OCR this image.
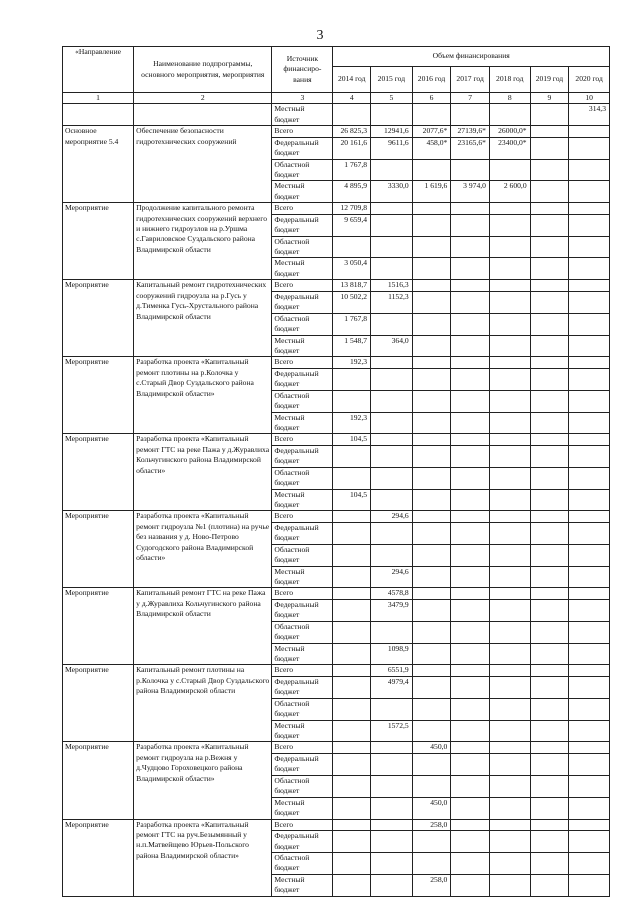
3
«Направление	Наименование подпрограммы, основного мероприятия, мероприятия	Источник финансиро-вания	Объем финансирования						
			2014 год	2015 год	2016 год	2017 год	2018 год	2019 год	2020 год
1	2	3	4	5	6	7	8	9	10
		Местный бюджет							314,3
Основное мероприятие 5.4	Обеспечение безопасности гидротехнических сооружений	Всего	26 825,3	12941,6	2077,6*	27139,6*	26000,0*		
		Федеральный бюджет	20 161,6	9611,6	458,0*	23165,6*	23400,0*		
		Областной бюджет	1 767,8						
		Местный бюджет	4 895,9	3330,0	1 619,6	3 974,0	2 600,0		
Мероприятие	Продолжение капитального ремонта гидротехнических сооружений верхнего и нижнего гидроузлов на р.Уршма с.Гавриловское Суздальского района Владимирской области	Всего	12 709,8						
		Федеральный бюджет	9 659,4						
		Областной бюджет							
		Местный бюджет	3 050,4						
Мероприятие	Капитальный ремонт гидротехнических сооружений гидроузла на р.Гусь у д.Тименка Гусь-Хрустального района Владимирской области	Всего	13 818,7	1516,3					
		Федеральный бюджет	10 502,2	1152,3					
		Областной бюджет	1 767,8						
		Местный бюджет	1 548,7	364,0					
Мероприятие	Разработка проекта «Капитальный ремонт плотины на р.Колочка у с.Старый Двор Суздальского района Владимирской области»	Всего	192,3						
		Федеральный бюджет							
		Областной бюджет							
		Местный бюджет	192,3						
Мероприятие	Разработка проекта «Капитальный ремонт ГТС на реке Пажа у д.Журавлиха Кольчугинского района Владимирской области»	Всего	104,5						
		Федеральный бюджет							
		Областной бюджет							
		Местный бюджет	104,5						
Мероприятие	Разработка проекта «Капитальный ремонт гидроузла №1 (плотина) на ручье без названия у д. Ново-Петрово Судогодского района Владимирской области»	Всего		294,6					
		Федеральный бюджет							
		Областной бюджет							
		Местный бюджет		294,6					
Мероприятие	Капитальный ремонт ГТС на реке Пажа у д.Журавлиха Кольчугинского района Владимирской области	Всего		4578,8					
		Федеральный бюджет		3479,9					
		Областной бюджет							
		Местный бюджет		1098,9					
Мероприятие	Капитальный ремонт плотины на р.Колочка у с.Старый Двор Суздальского района Владимирской области	Всего		6551,9					
		Федеральный бюджет		4979,4					
		Областной бюджет							
		Местный бюджет		1572,5					
Мероприятие	Разработка проекта «Капитальный ремонт гидроузла на р.Вежня у д.Чудцово Гороховецкого района Владимирской области»	Всего			450,0				
		Федеральный бюджет							
		Областной бюджет							
		Местный бюджет			450,0				
Мероприятие	Разработка проекта «Капитальный ремонт ГТС на руч.Безымянный у н.п.Матвейщево Юрьев-Польского района Владимирской области»	Всего			258,0				
		Федеральный бюджет							
		Областной бюджет							
		Местный бюджет			258,0				
